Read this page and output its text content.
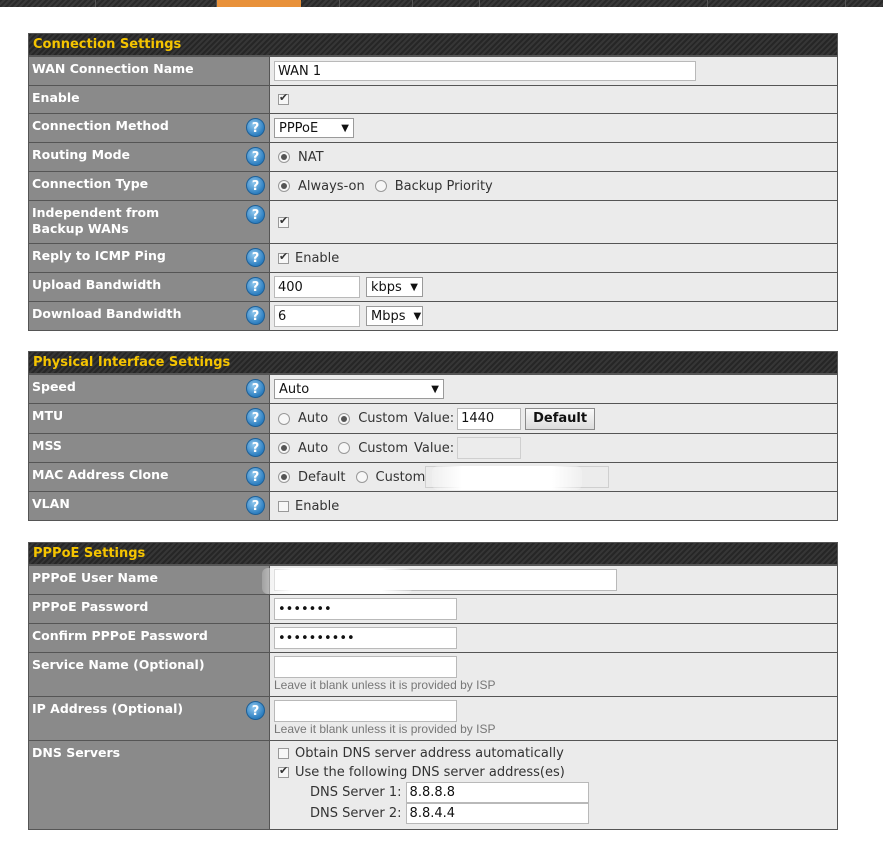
Connection Settings
WAN Connection Name
WAN 1
Enable
✔
Connection Method	?	PPPoE ▼
Routing Mode	?	NAT
Connection Type	?	Always-on Backup Priority
Independent from Backup WANs
?
✔
Reply to ICMP Ping	?
✔	Enable
Upload Bandwidth	?
400	kbps ▼
Download Bandwidth	?
6	Mbps ▼
Physical Interface Settings
Speed	?	Auto	▼
MTU	?	Auto Custom Value:
1440	Default
MSS	?	Auto Custom Value:
MAC Address Clone	?	Default Custom
VLAN	?	Enable
PPPoE Settings
PPPoE User Name
PPPoE Password
•••••••
Confirm PPPoE Password
••••••••••
Service Name (Optional)
Leave it blank unless it is provided by ISP
IP Address (Optional)	?
Leave it blank unless it is provided by ISP
DNS Servers	Obtain DNS server address automatically
✔
Use the following DNS server address(es)
DNS Server 1:
8.8.8.8
DNS Server 2:
8.8.4.4
